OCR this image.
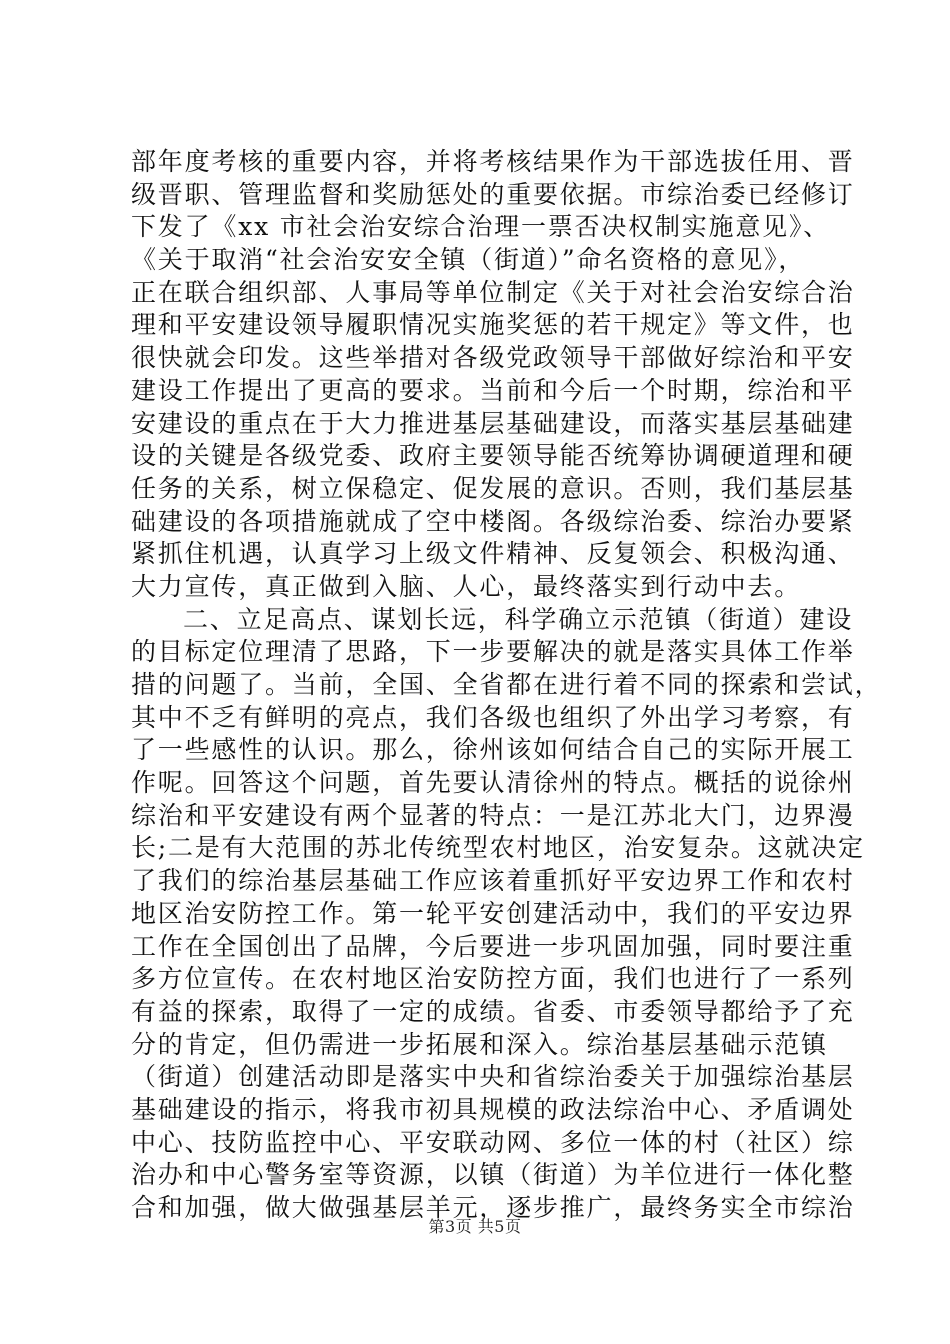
部年度考核的重要内容，并将考核结果作为干部选拔任用、晋
级晋职、管理监督和奖励惩处的重要依据。市综治委已经修订
下发了《xx 市社会治安综合治理一票否决权制实施意见》、
《关于取消“社会治安安全镇（街道）”命名资格的意见》，
正在联合组织部、人事局等单位制定《关于对社会治安综合治
理和平安建设领导履职情况实施奖惩的若干规定》等文件，也
很快就会印发。这些举措对各级党政领导干部做好综治和平安
建设工作提出了更高的要求。当前和今后一个时期，综治和平
安建设的重点在于大力推进基层基础建设，而落实基层基础建
设的关键是各级党委、政府主要领导能否统筹协调硬道理和硬
任务的关系，树立保稳定、促发展的意识。否则，我们基层基
础建设的各项措施就成了空中楼阁。各级综治委、综治办要紧
紧抓住机遇，认真学习上级文件精神、反复领会、积极沟通、
大力宣传，真正做到入脑、人心，最终落实到行动中去。
二、立足高点、谋划长远，科学确立示范镇（街道）建设
的目标定位理清了思路，下一步要解决的就是落实具体工作举
措的问题了。当前，全国、全省都在进行着不同的探索和尝试，
其中不乏有鲜明的亮点，我们各级也组织了外出学习考察，有
了一些感性的认识。那么，徐州该如何结合自己的实际开展工
作呢。回答这个问题，首先要认清徐州的特点。概括的说徐州
综治和平安建设有两个显著的特点：一是江苏北大门，边界漫
长;二是有大范围的苏北传统型农村地区，治安复杂。这就决定
了我们的综治基层基础工作应该着重抓好平安边界工作和农村
地区治安防控工作。第一轮平安创建活动中，我们的平安边界
工作在全国创出了品牌，今后要进一步巩固加强，同时要注重
多方位宣传。在农村地区治安防控方面，我们也进行了一系列
有益的探索，取得了一定的成绩。省委、市委领导都给予了充
分的肯定，但仍需进一步拓展和深入。综治基层基础示范镇
（街道）创建活动即是落实中央和省综治委关于加强综治基层
基础建设的指示，将我市初具规模的政法综治中心、矛盾调处
中心、技防监控中心、平安联动网、多位一体的村（社区）综
治办和中心警务室等资源，以镇（街道）为羊位进行一体化整
合和加强，做大做强基层羊元，逐步推广，最终务实全市综治
第3页 共5页
